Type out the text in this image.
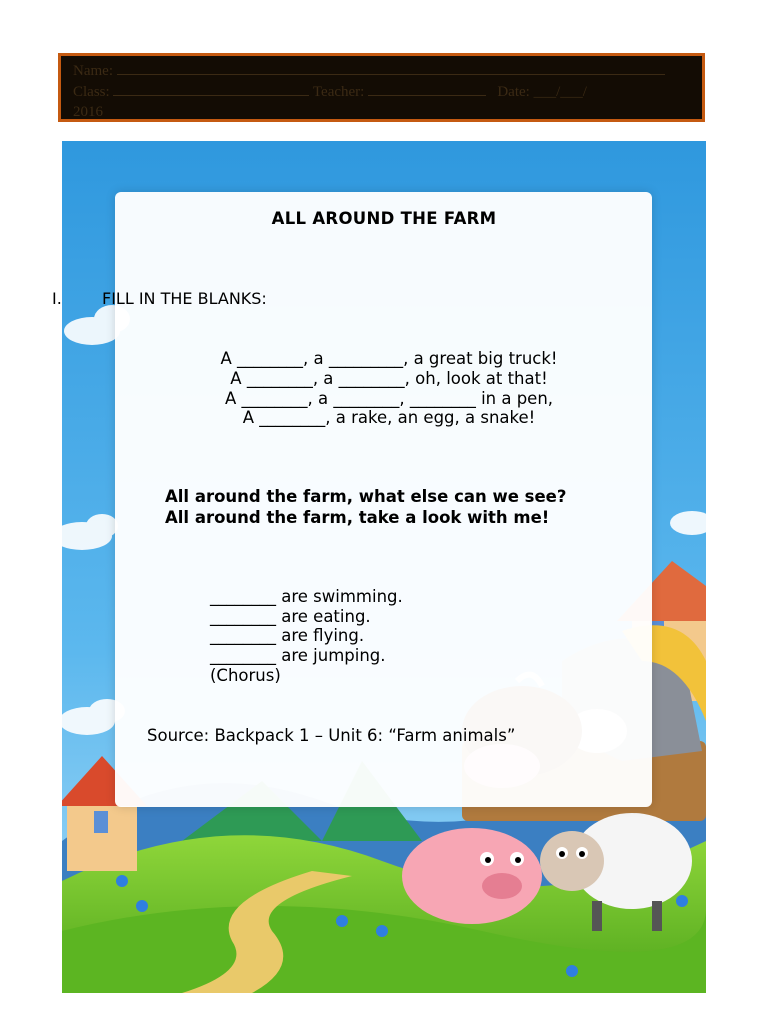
Name:
Class:	Teacher:	Date: ___/___/
2016
ALL AROUND THE FARM
I.	FILL IN THE BLANKS:
A ________, a _________, a great big truck!
A ________, a ________, oh, look at that!
A ________, a ________, ________ in a pen,
A ________, a rake, an egg, a snake!
All around the farm, what else can we see?
All around the farm, take a look with me!
________ are swimming.
________ are eating.
________ are flying.
________ are jumping.
(Chorus)
Source: Backpack 1 – Unit 6: “Farm animals”
